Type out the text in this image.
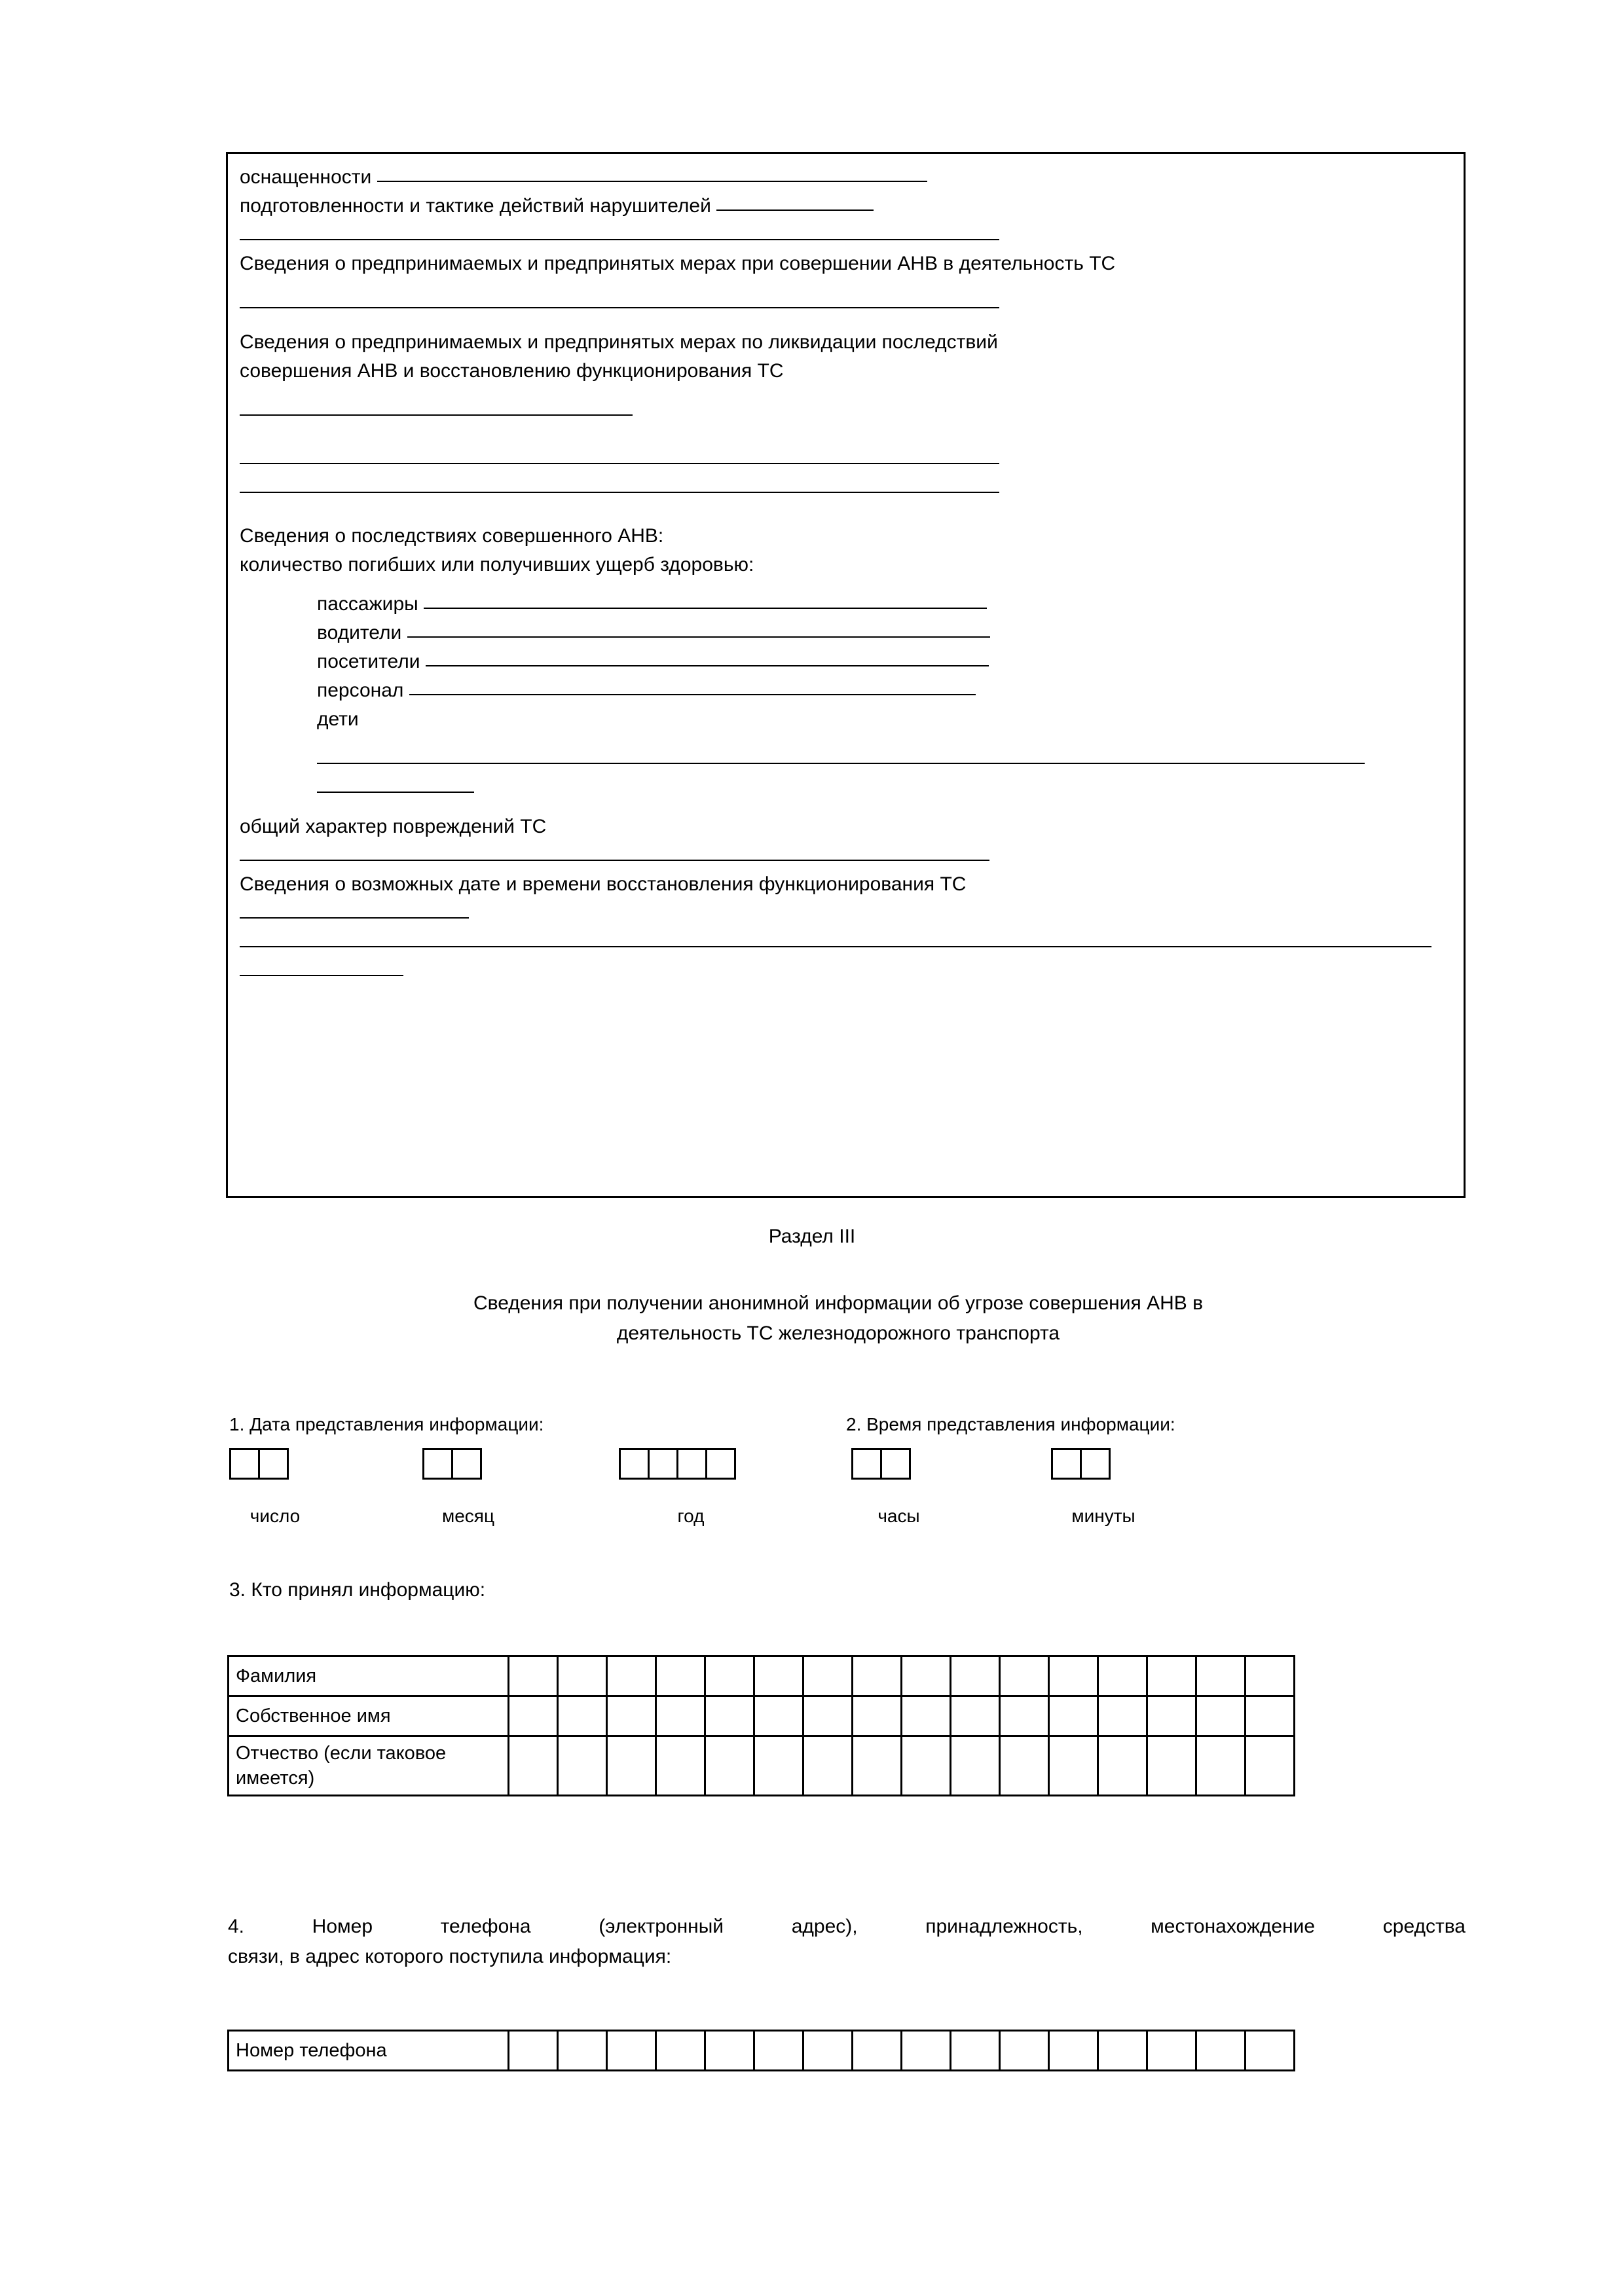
оснащенности
подготовленности и тактике действий нарушителей
Сведения о предпринимаемых и предпринятых мерах при совершении АНВ в деятельность ТС
Сведения о предпринимаемых и предпринятых мерах по ликвидации последствий
совершения АНВ и восстановлению функционирования ТС
Сведения о последствиях совершенного АНВ:
количество погибших или получивших ущерб здоровью:
пассажиры
водители
посетители
персонал
дети
общий характер повреждений ТС
Сведения о возможных дате и времени восстановления функционирования ТС
Раздел III
Сведения при получении анонимной информации об угрозе совершения АНВ в
деятельность ТС железнодорожного транспорта
1. Дата представления информации:	2. Время представления информации:
число	месяц	год	часы	минуты
3. Кто принял информацию:
Фамилия																
Собственное имя																
Отчество (если таковое имеется)																
4. Номер телефона (электронный адрес), принадлежность, местонахождение средства
связи, в адрес которого поступила информация:
Номер телефона																
